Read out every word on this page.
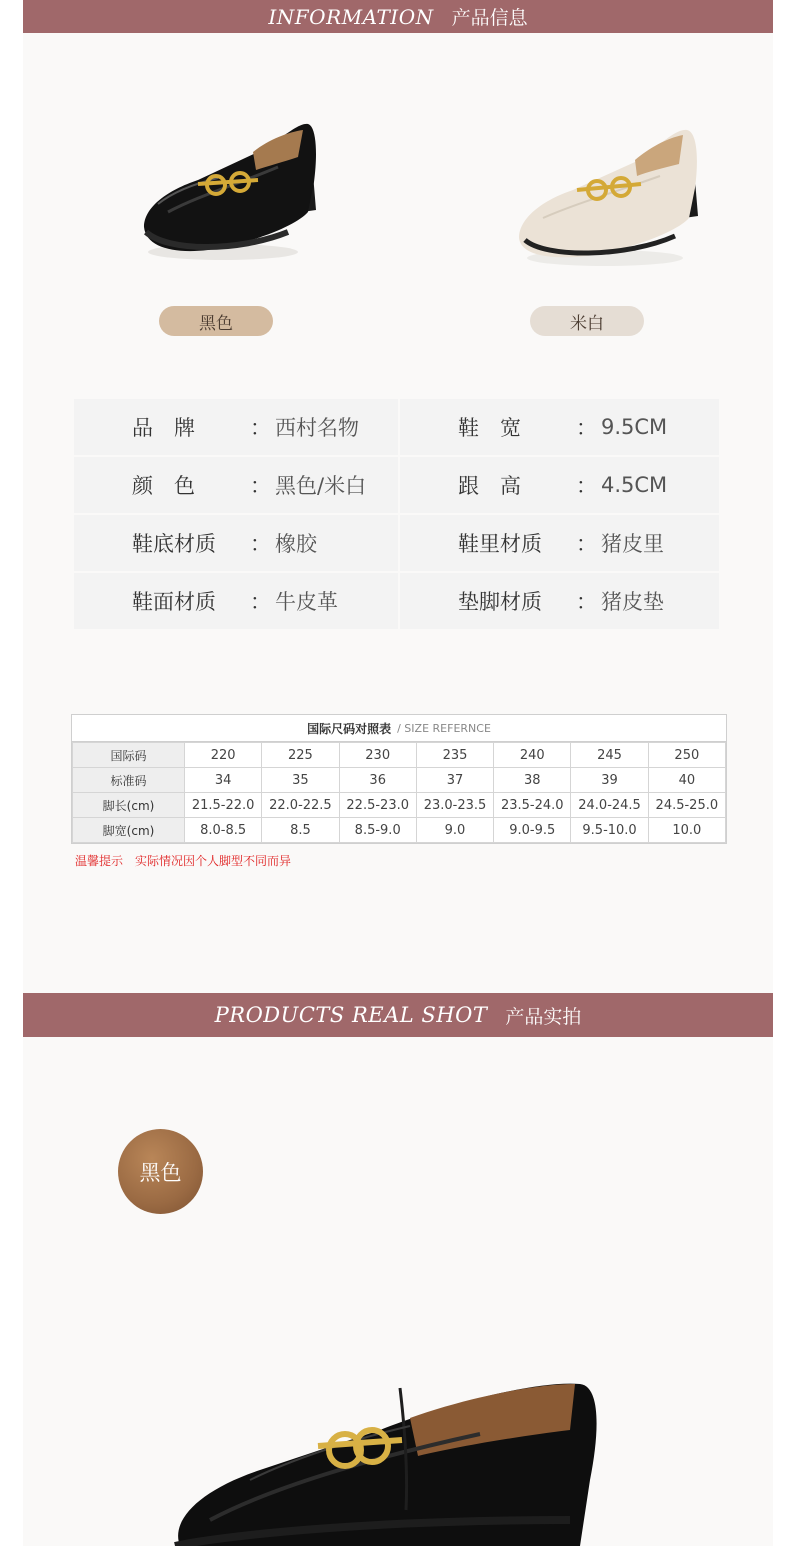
INFORMATION 产品信息
黑色	米白
品　牌	： 西村名物	鞋　宽	： 9.5CM
颜　色	： 黑色/米白	跟　高	： 4.5CM
鞋底材质	： 橡胶	鞋里材质	： 猪皮里
鞋面材质	： 牛皮革	垫脚材质	： 猪皮垫
国际尺码对照表 / SIZE REFERNCE
国际码	220	225	230	235	240	245	250
标准码	34	35	36	37	38	39	40
脚长(cm)	21.5-22.0	22.0-22.5	22.5-23.0	23.0-23.5	23.5-24.0	24.0-24.5	24.5-25.0
脚宽(cm)	8.0-8.5	8.5	8.5-9.0	9.0	9.0-9.5	9.5-10.0	10.0
温馨提示 实际情况因个人脚型不同而异
PRODUCTS REAL SHOT 产品实拍
黑色
